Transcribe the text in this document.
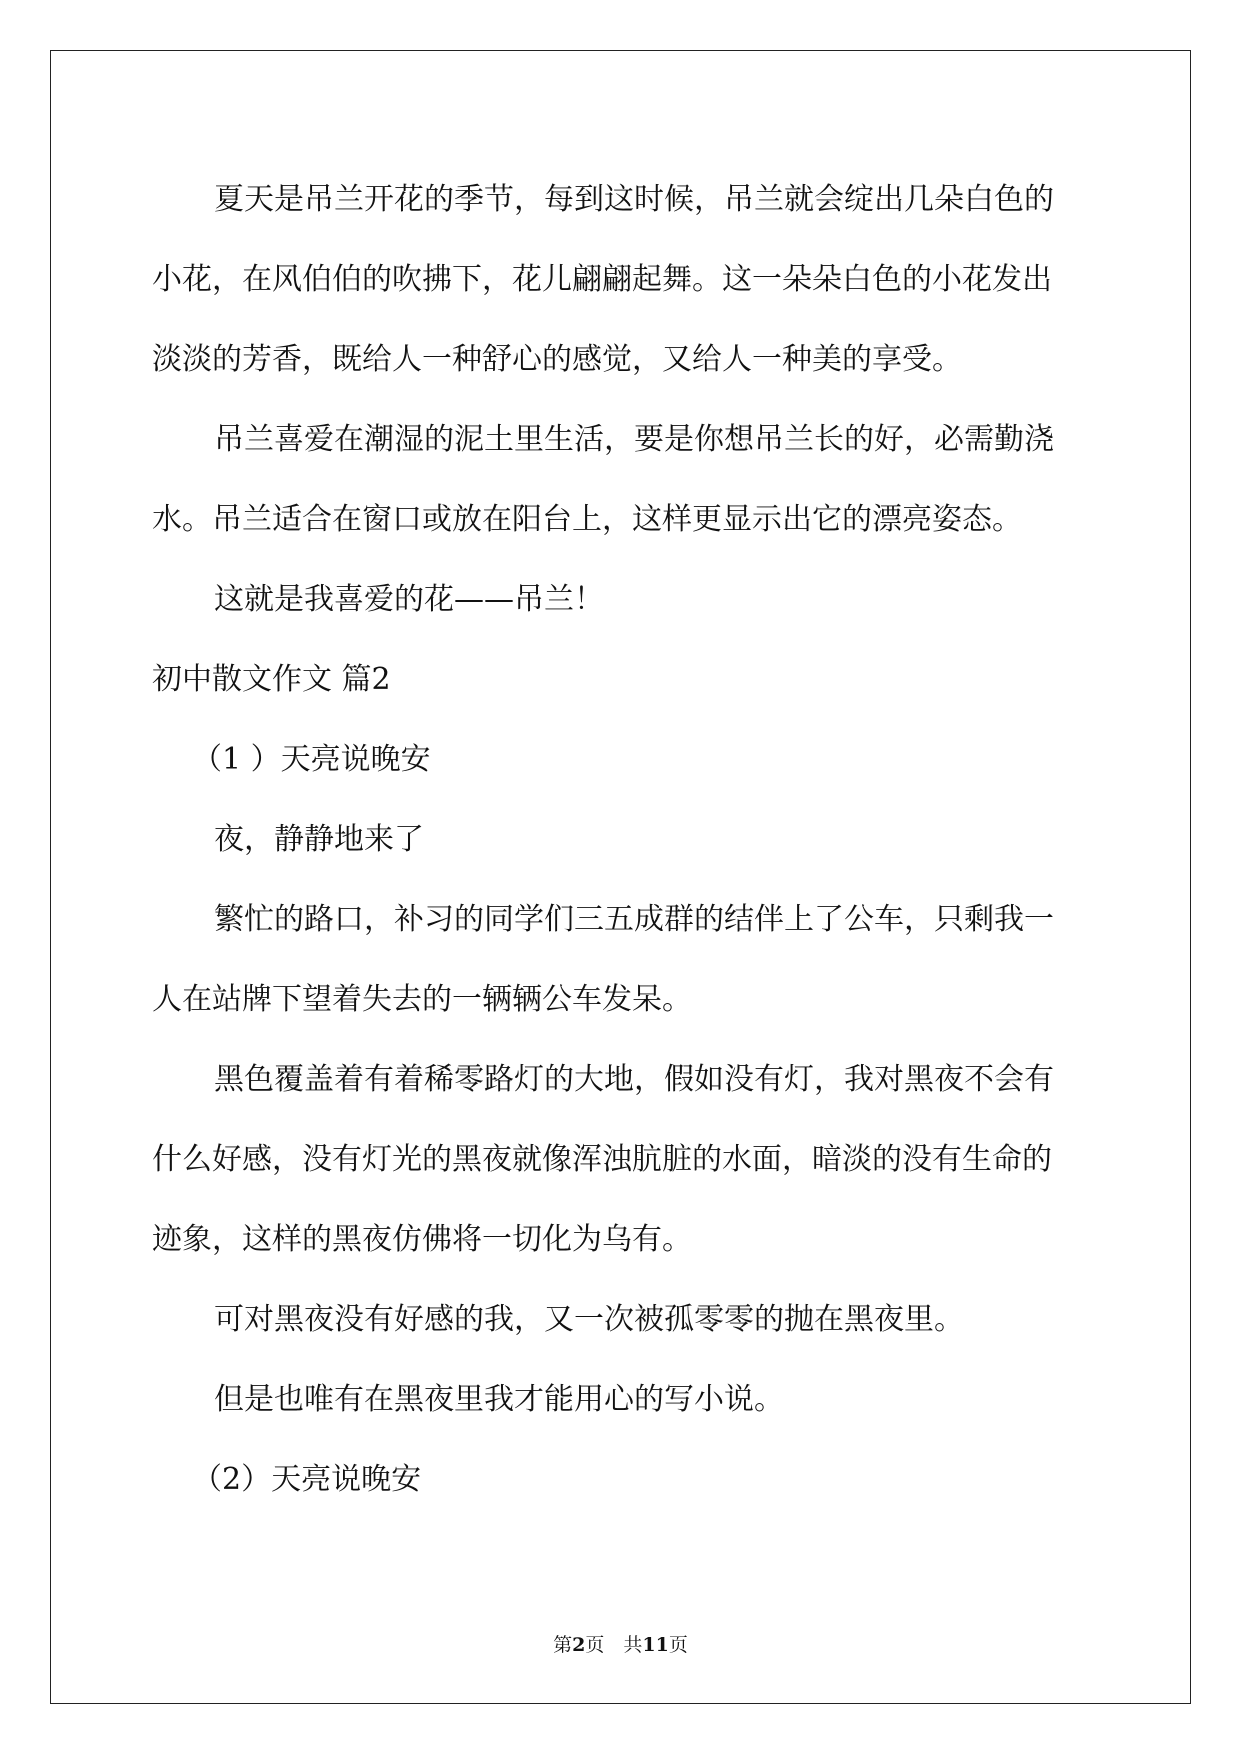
夏天是吊兰开花的季节，每到这时候，吊兰就会绽出几朵白色的
小花，在风伯伯的吹拂下，花儿翩翩起舞。这一朵朵白色的小花发出
淡淡的芳香，既给人一种舒心的感觉，又给人一种美的享受。
吊兰喜爱在潮湿的泥土里生活，要是你想吊兰长的好，必需勤浇
水。吊兰适合在窗口或放在阳台上，这样更显示出它的漂亮姿态。
这就是我喜爱的花——吊兰！
初中散文作文 篇2
（1 ）天亮说晚安
夜，静静地来了
繁忙的路口，补习的同学们三五成群的结伴上了公车，只剩我一
人在站牌下望着失去的一辆辆公车发呆。
黑色覆盖着有着稀零路灯的大地，假如没有灯，我对黑夜不会有
什么好感，没有灯光的黑夜就像浑浊肮脏的水面，暗淡的没有生命的
迹象，这样的黑夜仿佛将一切化为乌有。
可对黑夜没有好感的我，又一次被孤零零的抛在黑夜里。
但是也唯有在黑夜里我才能用心的写小说。
（2）天亮说晚安
第2页　共11页
